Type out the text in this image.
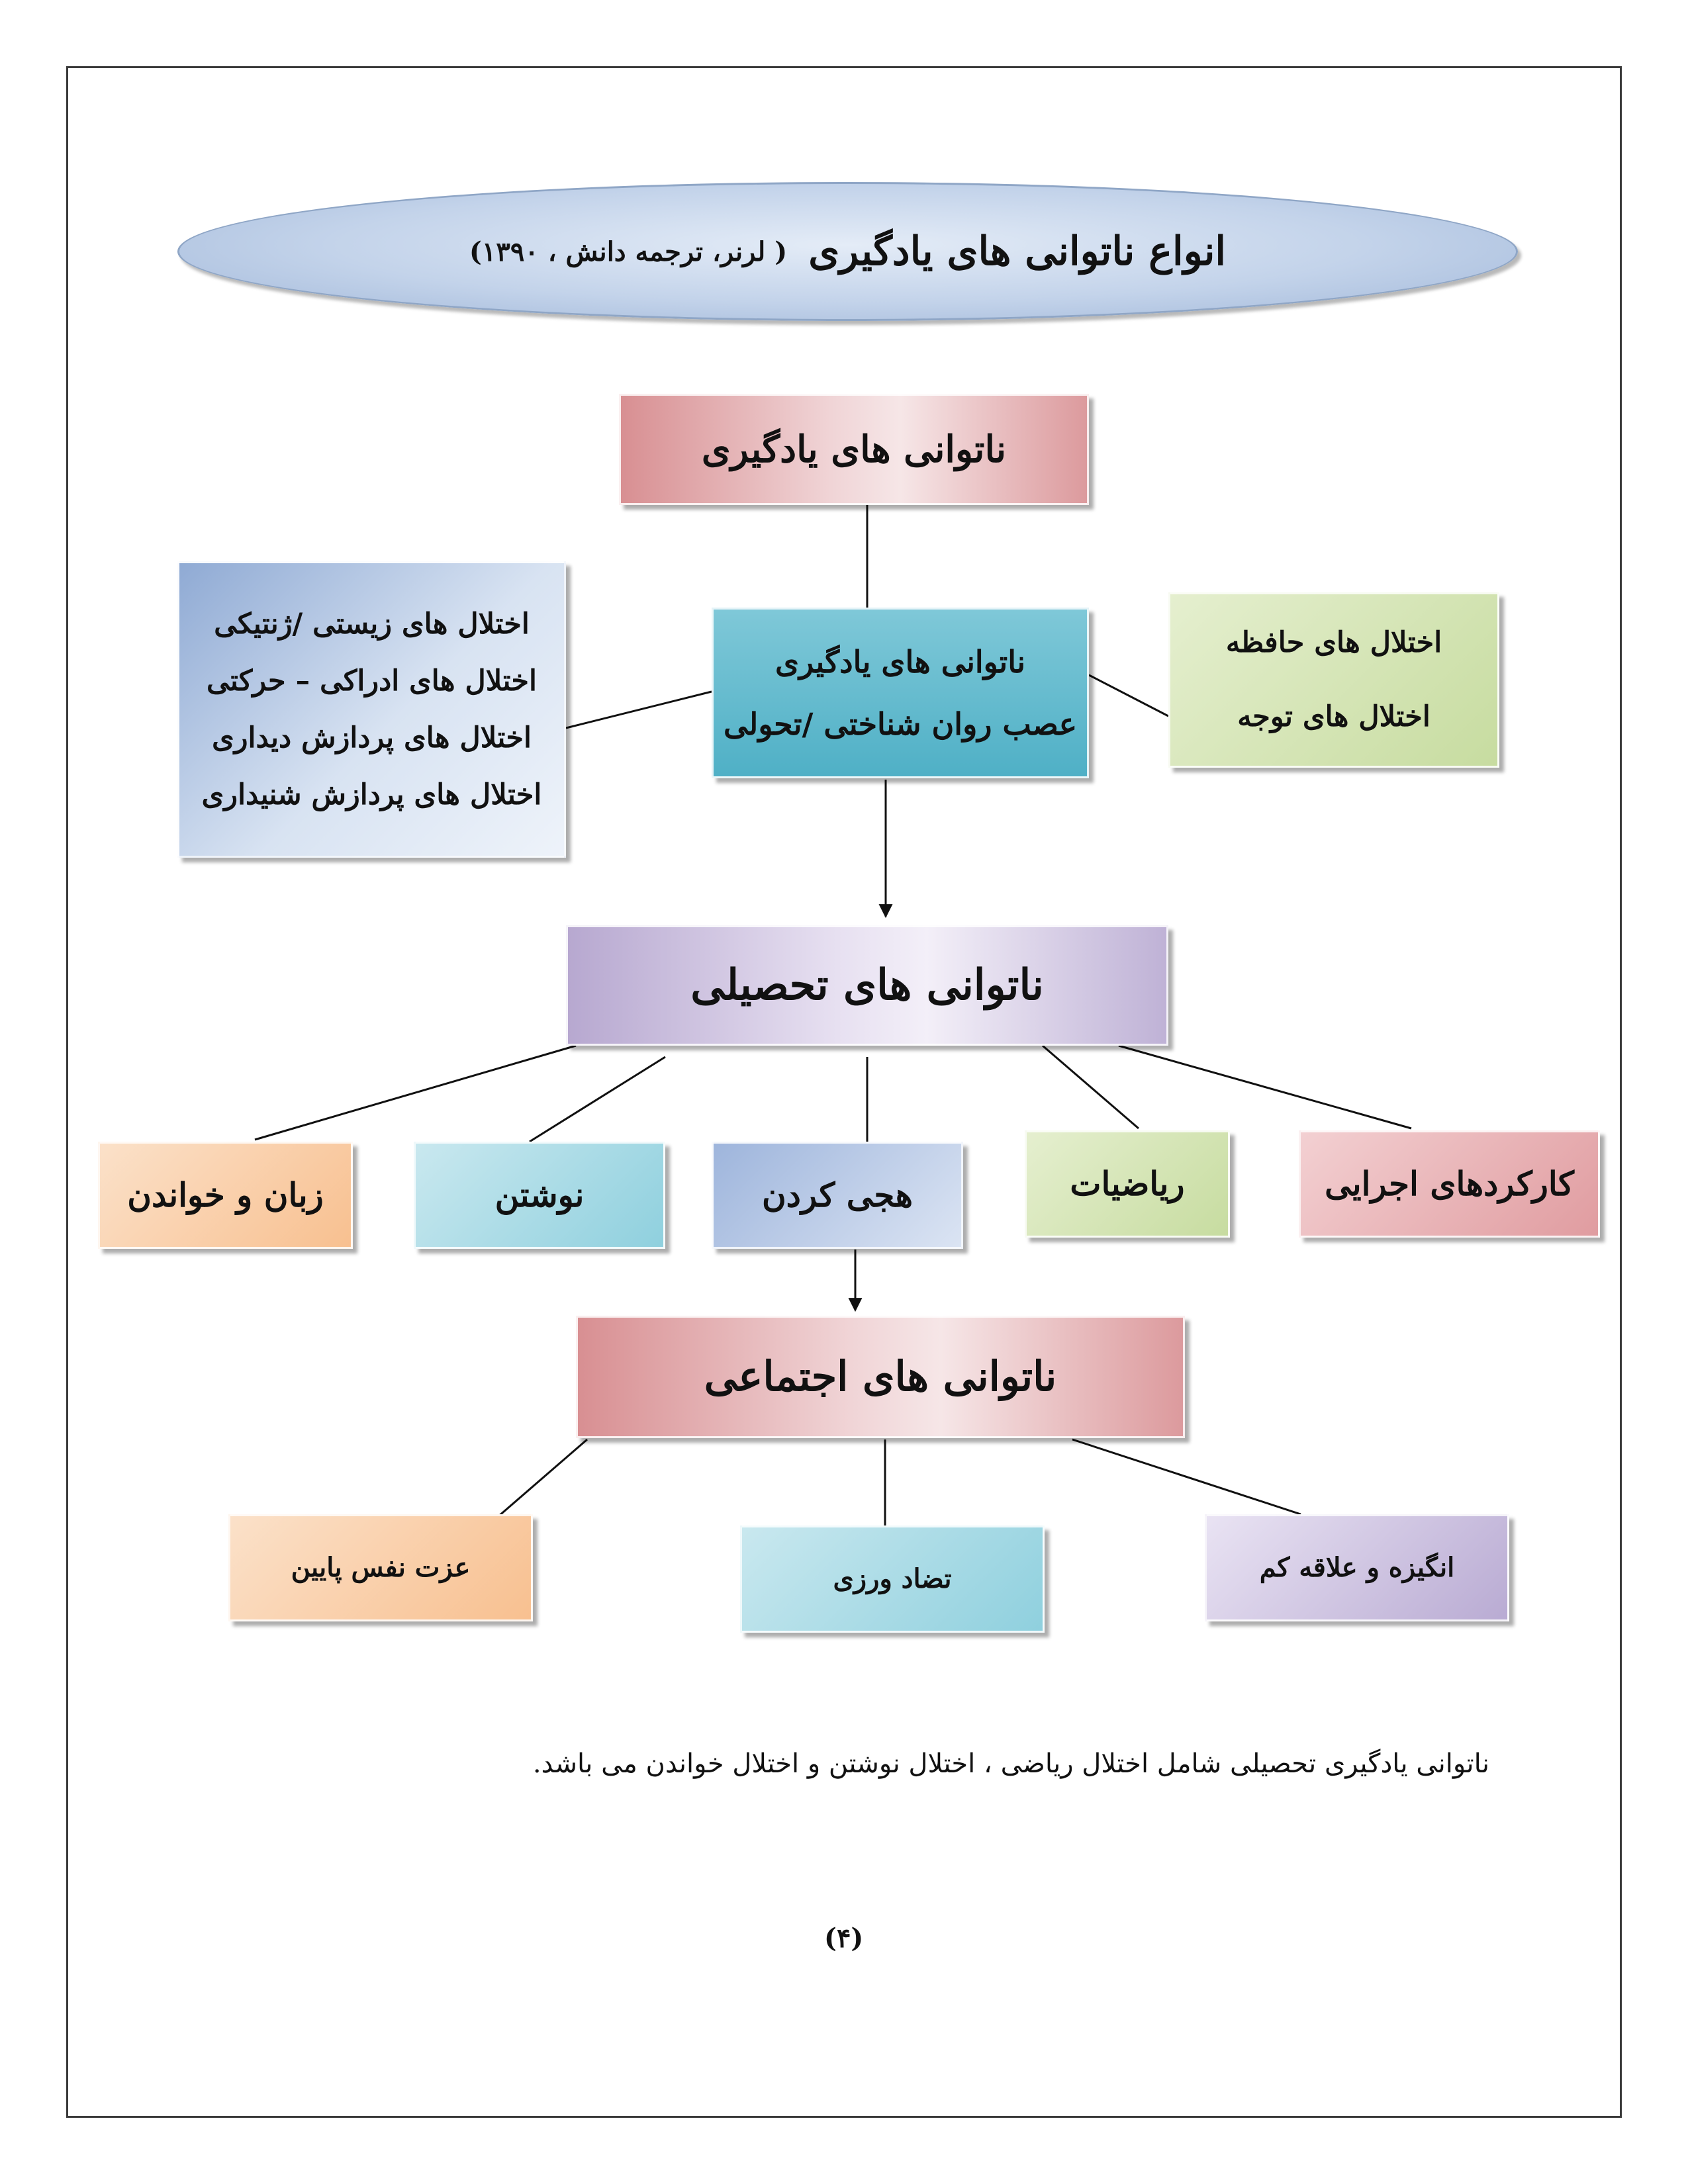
انواع ناتوانی های یادگیری
( لرنر، ترجمه دانش ، ۱۳۹۰)
ناتوانی های یادگیری
ناتوانی های یادگیری
عصب روان شناختی /تحولی
اختلال های زیستی /ژنتیکی
اختلال های ادراکی – حرکتی
اختلال های پردازش دیداری
اختلال های پردازش شنیداری
اختلال های حافظه
اختلال های توجه
ناتوانی های تحصیلی
کارکردهای اجرایی
ریاضیات
هجی کردن
نوشتن
زبان و خواندن
ناتوانی های اجتماعی
انگیزه و علاقه کم
تضاد ورزی
عزت نفس پایین
ناتوانی یادگیری تحصیلی شامل اختلال ریاضی ، اختلال نوشتن و اختلال خواندن می باشد.
(۴)
